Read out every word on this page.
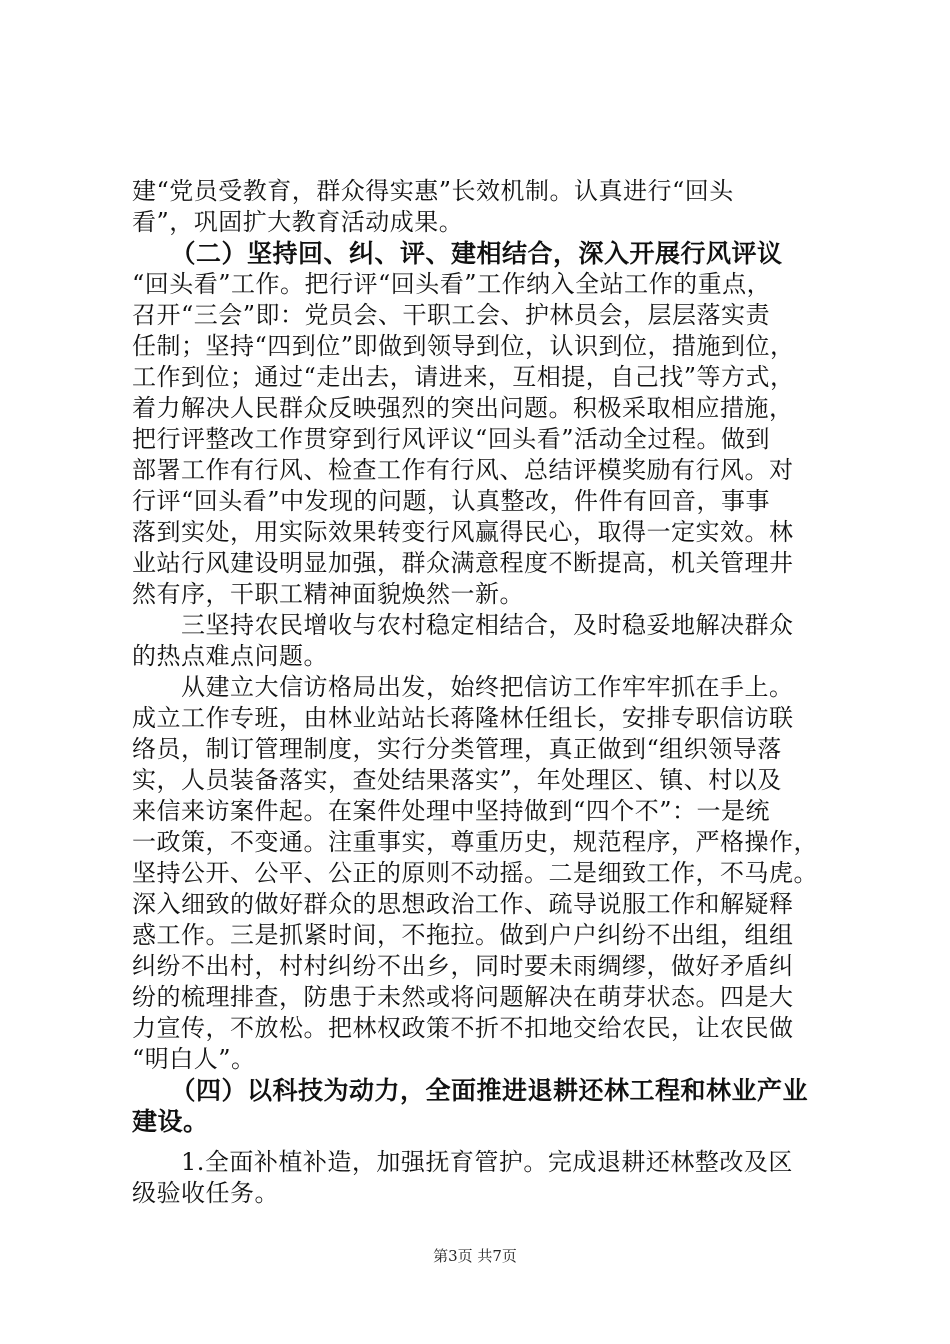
建“党员受教育，群众得实惠”长效机制。认真进行“回头
看”，巩固扩大教育活动成果。
　　（二）坚持回、纠、评、建相结合，深入开展行风评议
“回头看”工作。把行评“回头看”工作纳入全站工作的重点，
召开“三会”即：党员会、干职工会、护林员会，层层落实责
任制；坚持“四到位”即做到领导到位，认识到位，措施到位，
工作到位；通过“走出去，请进来，互相提，自己找”等方式，
着力解决人民群众反映强烈的突出问题。积极采取相应措施，
把行评整改工作贯穿到行风评议“回头看”活动全过程。做到
部署工作有行风、检查工作有行风、总结评模奖励有行风。对
行评“回头看”中发现的问题，认真整改，件件有回音，事事
落到实处，用实际效果转变行风赢得民心，取得一定实效。林
业站行风建设明显加强，群众满意程度不断提高，机关管理井
然有序，干职工精神面貌焕然一新。
　　三坚持农民增收与农村稳定相结合，及时稳妥地解决群众
的热点难点问题。
　　从建立大信访格局出发，始终把信访工作牢牢抓在手上。
成立工作专班，由林业站站长蒋隆林任组长，安排专职信访联
络员，制订管理制度，实行分类管理，真正做到“组织领导落
实，人员装备落实，查处结果落实”，年处理区、镇、村以及
来信来访案件起。在案件处理中坚持做到“四个不”：一是统
一政策，不变通。注重事实，尊重历史，规范程序，严格操作，
坚持公开、公平、公正的原则不动摇。二是细致工作，不马虎。
深入细致的做好群众的思想政治工作、疏导说服工作和解疑释
惑工作。三是抓紧时间，不拖拉。做到户户纠纷不出组，组组
纠纷不出村，村村纠纷不出乡，同时要未雨绸缪，做好矛盾纠
纷的梳理排查，防患于未然或将问题解决在萌芽状态。四是大
力宣传，不放松。把林权政策不折不扣地交给农民，让农民做
“明白人”。
　　（四）以科技为动力，全面推进退耕还林工程和林业产业
建设。
　　1.全面补植补造，加强抚育管护。完成退耕还林整改及区
级验收任务。
第3页 共7页
